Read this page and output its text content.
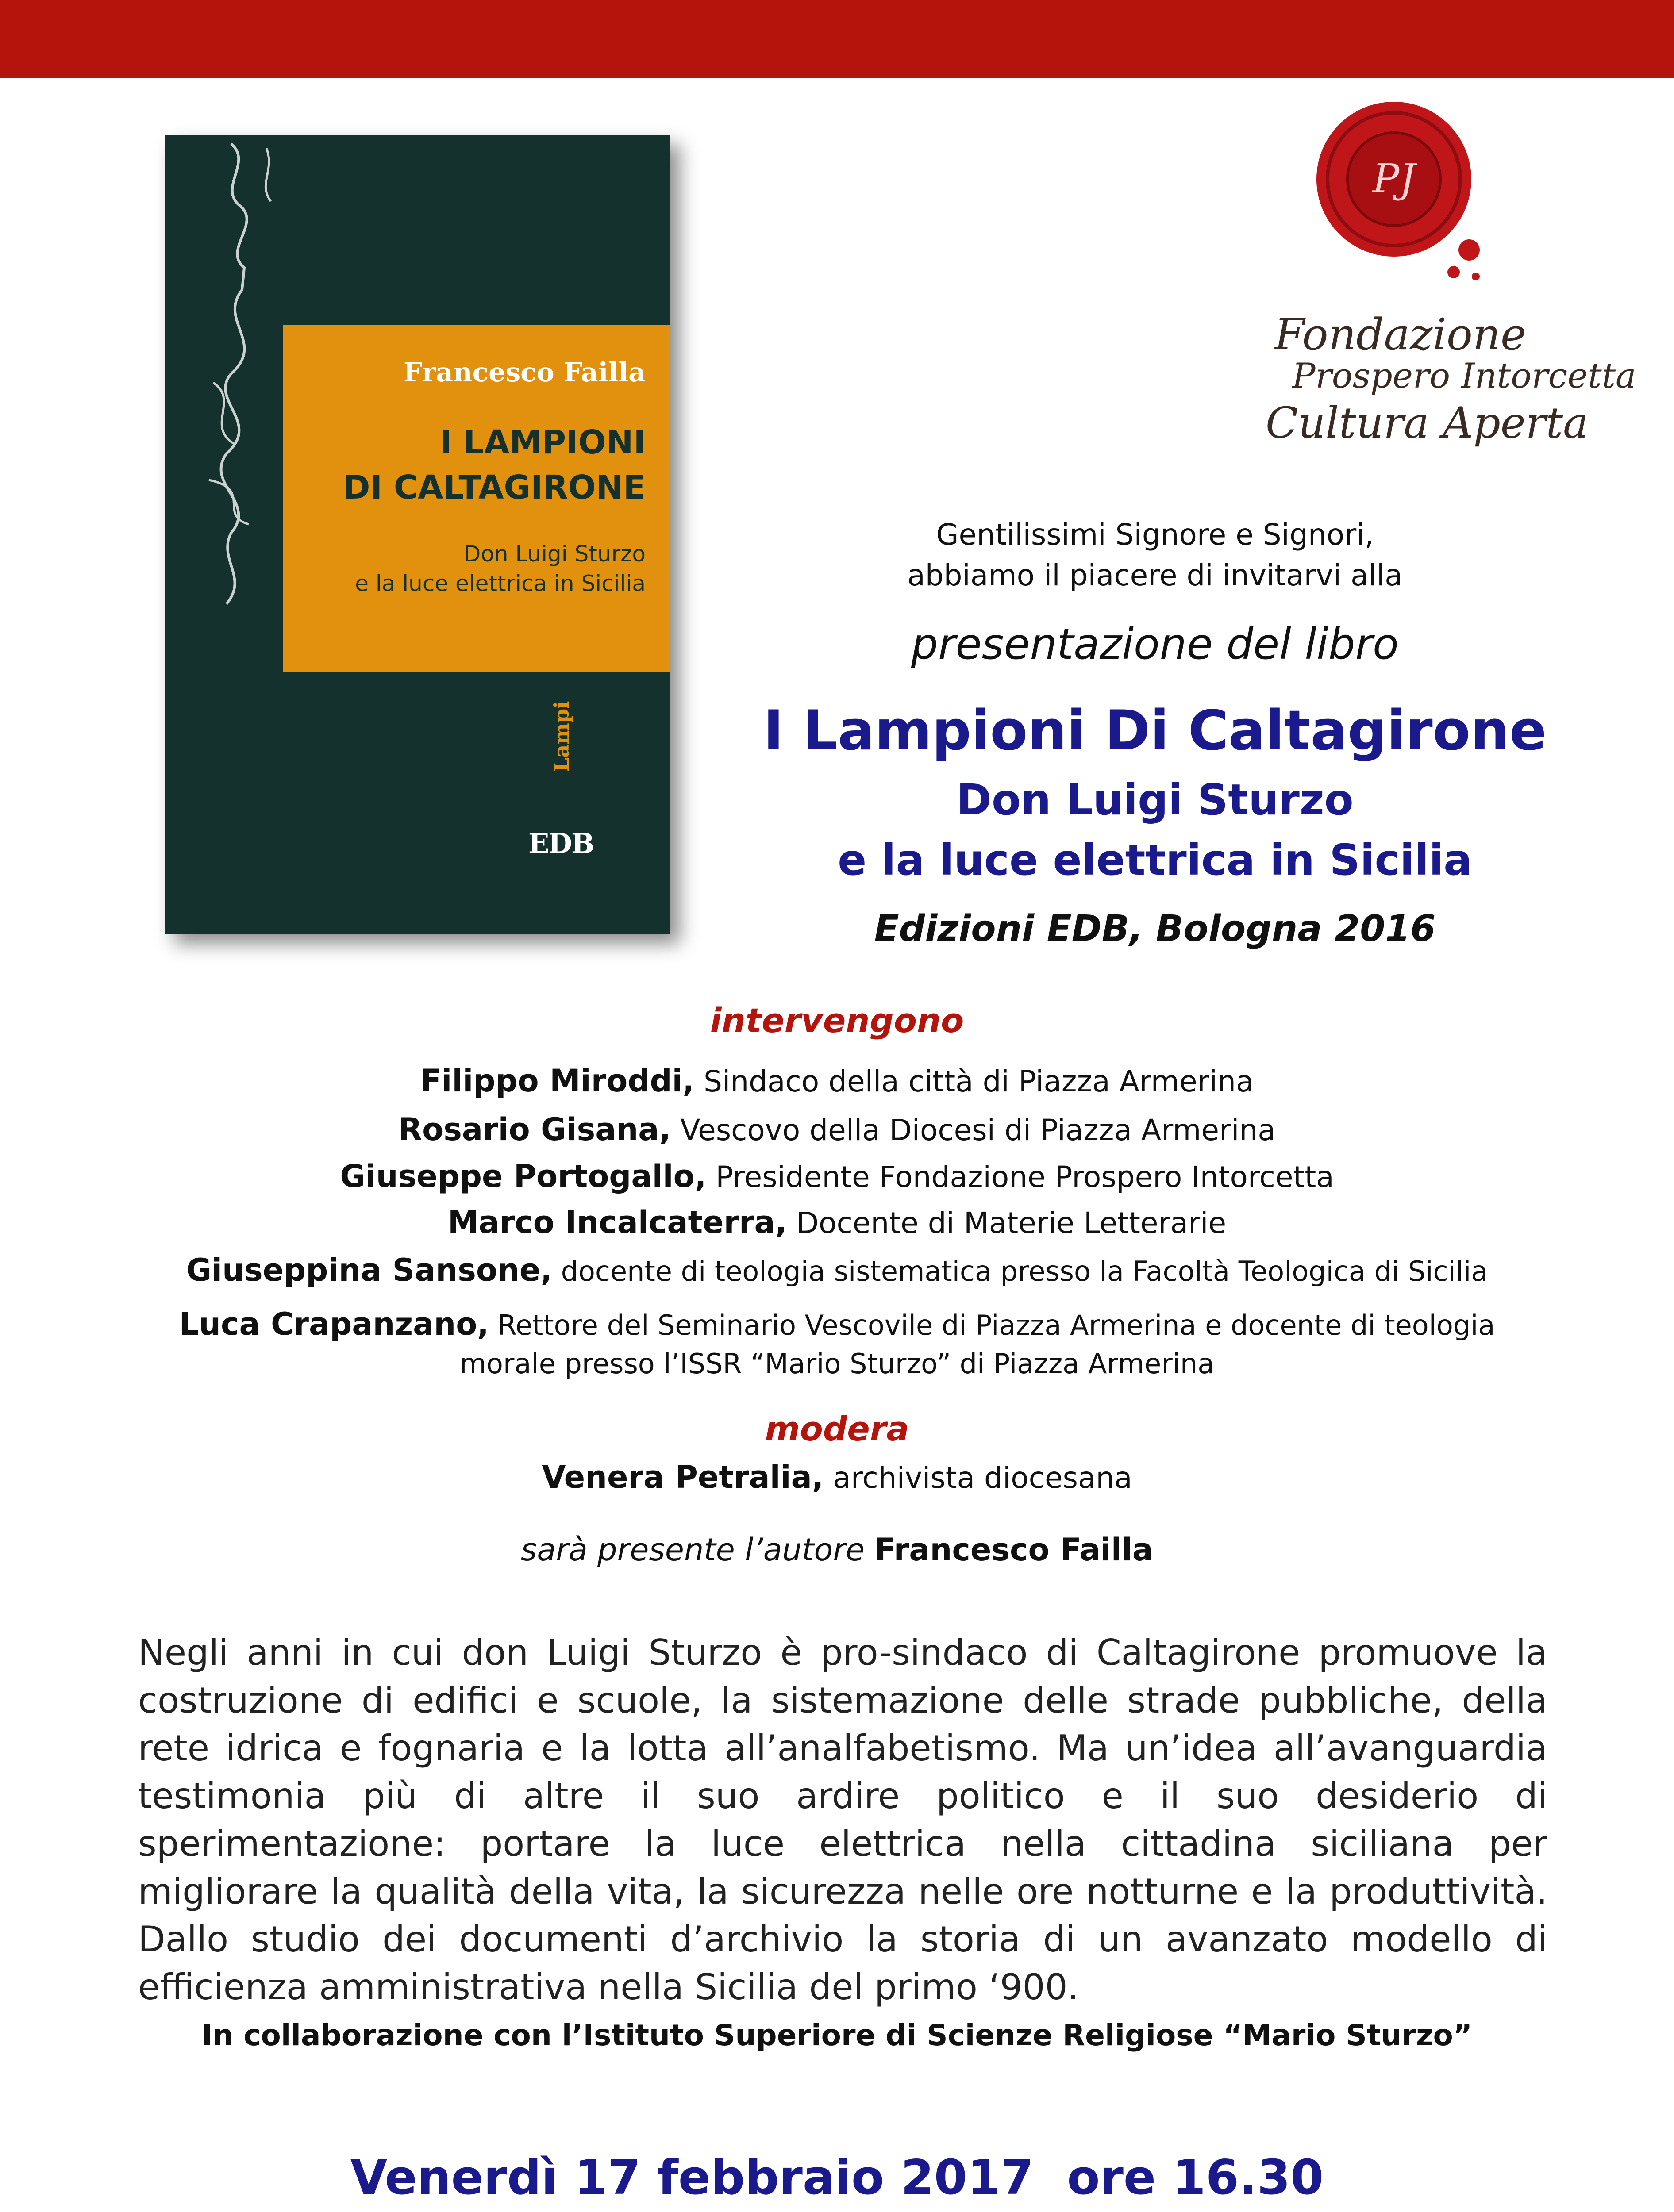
Francesco Failla
I LAMPIONI
DI CALTAGIRONE
Don Luigi Sturzo
e la luce elettrica in Sicilia
Lampi
EDB
PJ
Fondazione
Prospero Intorcetta
Cultura Aperta
Gentilissimi Signore e Signori,
abbiamo il piacere di invitarvi alla
presentazione del libro
I Lampioni Di Caltagirone
Don Luigi Sturzo
e la luce elettrica in Sicilia
Edizioni EDB, Bologna 2016
intervengono
Filippo Miroddi, Sindaco della città di Piazza Armerina
Rosario Gisana, Vescovo della Diocesi di Piazza Armerina
Giuseppe Portogallo, Presidente Fondazione Prospero Intorcetta
Marco Incalcaterra, Docente di Materie Letterarie
Giuseppina Sansone, docente di teologia sistematica presso la Facoltà Teologica di Sicilia
Luca Crapanzano, Rettore del Seminario Vescovile di Piazza Armerina e docente di teologia
morale presso l’ISSR “Mario Sturzo” di Piazza Armerina
modera
Venera Petralia, archivista diocesana
sarà presente l’autore Francesco Failla
Negli anni in cui don Luigi Sturzo è pro-sindaco di Caltagirone promuove la costruzione di edifici e scuole, la sistemazione delle strade pubbliche, della rete idrica e fognaria e la lotta all’analfabetismo. Ma un’idea all’avanguardia testimonia più di altre il suo ardire politico e il suo desiderio di sperimentazione: portare la luce elettrica nella cittadina siciliana per migliorare la qualità della vita, la sicurezza nelle ore notturne e la produttività. Dallo studio dei documenti d’archivio la storia di un avanzato modello di efficienza amministrativa nella Sicilia del primo ‘900.
In collaborazione con l’Istituto Superiore di Scienze Religiose “Mario Sturzo”
Venerdì 17 febbraio 2017  ore 16.30
